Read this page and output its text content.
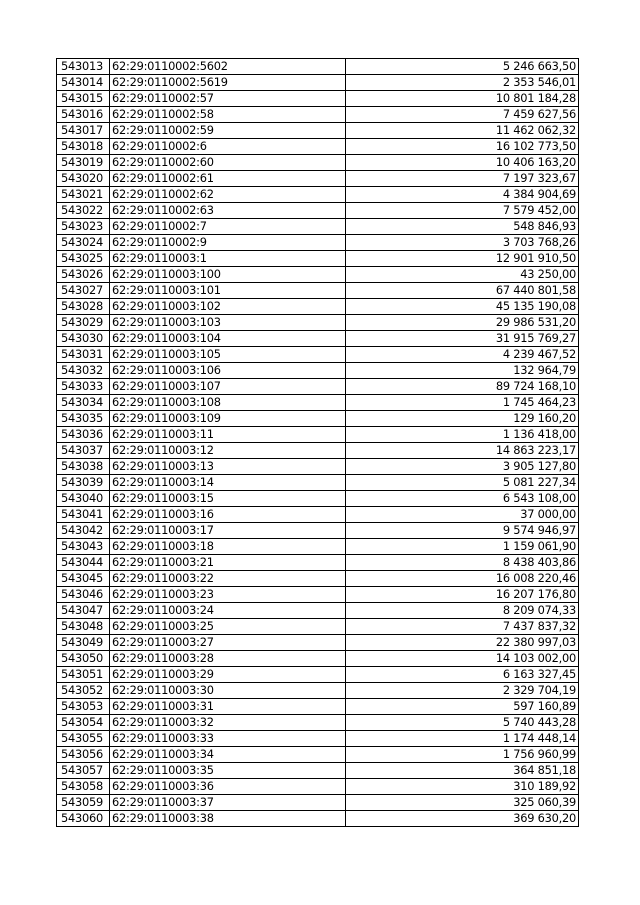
543013	62:29:0110002:5602	5 246 663,50
543014	62:29:0110002:5619	2 353 546,01
543015	62:29:0110002:57	10 801 184,28
543016	62:29:0110002:58	7 459 627,56
543017	62:29:0110002:59	11 462 062,32
543018	62:29:0110002:6	16 102 773,50
543019	62:29:0110002:60	10 406 163,20
543020	62:29:0110002:61	7 197 323,67
543021	62:29:0110002:62	4 384 904,69
543022	62:29:0110002:63	7 579 452,00
543023	62:29:0110002:7	548 846,93
543024	62:29:0110002:9	3 703 768,26
543025	62:29:0110003:1	12 901 910,50
543026	62:29:0110003:100	43 250,00
543027	62:29:0110003:101	67 440 801,58
543028	62:29:0110003:102	45 135 190,08
543029	62:29:0110003:103	29 986 531,20
543030	62:29:0110003:104	31 915 769,27
543031	62:29:0110003:105	4 239 467,52
543032	62:29:0110003:106	132 964,79
543033	62:29:0110003:107	89 724 168,10
543034	62:29:0110003:108	1 745 464,23
543035	62:29:0110003:109	129 160,20
543036	62:29:0110003:11	1 136 418,00
543037	62:29:0110003:12	14 863 223,17
543038	62:29:0110003:13	3 905 127,80
543039	62:29:0110003:14	5 081 227,34
543040	62:29:0110003:15	6 543 108,00
543041	62:29:0110003:16	37 000,00
543042	62:29:0110003:17	9 574 946,97
543043	62:29:0110003:18	1 159 061,90
543044	62:29:0110003:21	8 438 403,86
543045	62:29:0110003:22	16 008 220,46
543046	62:29:0110003:23	16 207 176,80
543047	62:29:0110003:24	8 209 074,33
543048	62:29:0110003:25	7 437 837,32
543049	62:29:0110003:27	22 380 997,03
543050	62:29:0110003:28	14 103 002,00
543051	62:29:0110003:29	6 163 327,45
543052	62:29:0110003:30	2 329 704,19
543053	62:29:0110003:31	597 160,89
543054	62:29:0110003:32	5 740 443,28
543055	62:29:0110003:33	1 174 448,14
543056	62:29:0110003:34	1 756 960,99
543057	62:29:0110003:35	364 851,18
543058	62:29:0110003:36	310 189,92
543059	62:29:0110003:37	325 060,39
543060	62:29:0110003:38	369 630,20
